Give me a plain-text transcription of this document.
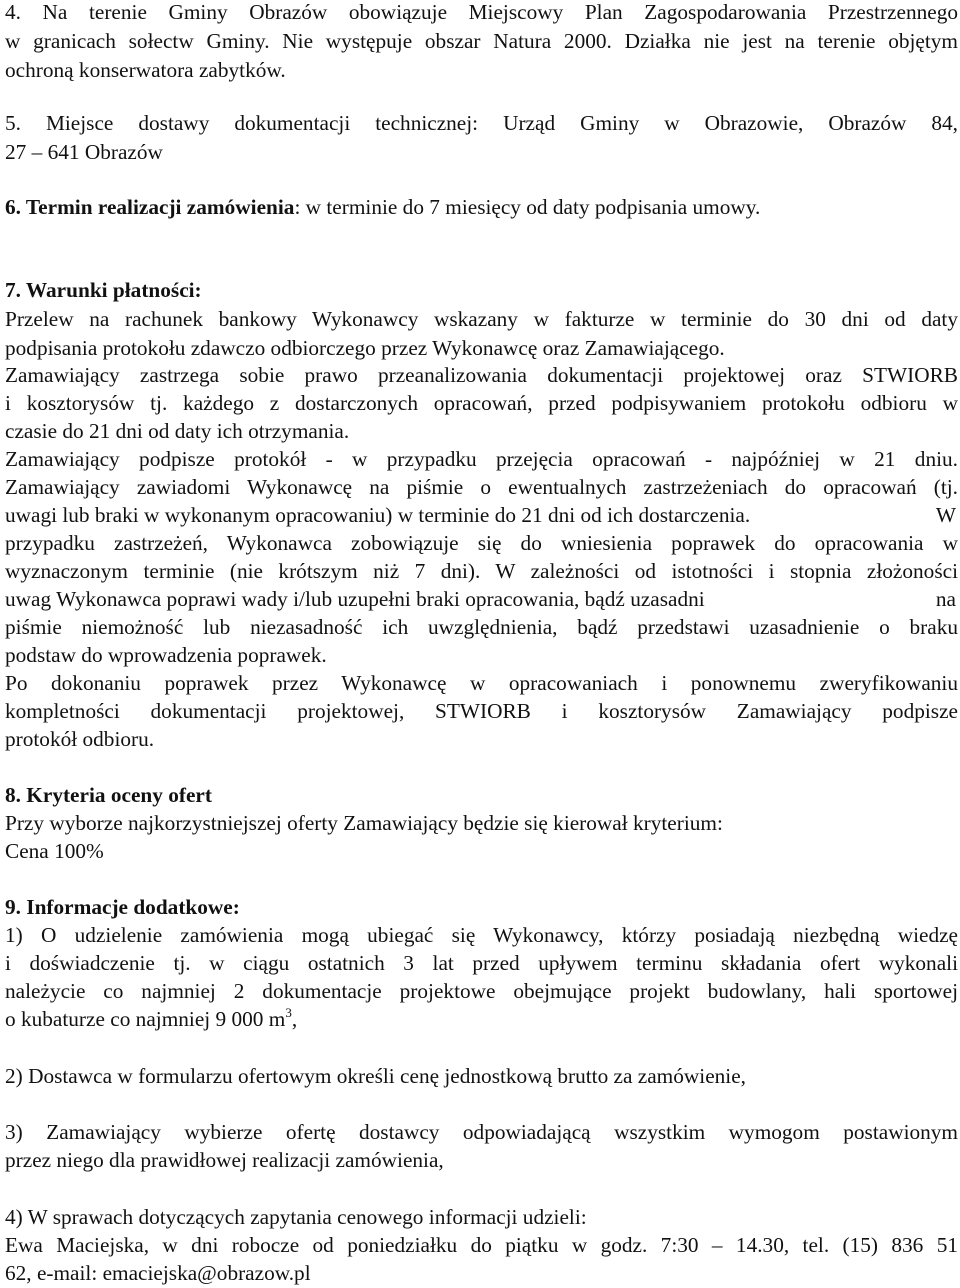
4. Na terenie Gminy Obrazów obowiązuje Miejscowy Plan Zagospodarowania Przestrzennego
w granicach sołectw Gminy. Nie występuje obszar Natura 2000. Działka nie jest na terenie objętym
ochroną konserwatora zabytków.
5. Miejsce dostawy dokumentacji technicznej: Urząd Gminy w Obrazowie, Obrazów 84,
27 – 641 Obrazów
6. Termin realizacji zamówienia: w terminie do 7 miesięcy od daty podpisania umowy.
7. Warunki płatności:
Przelew na rachunek bankowy Wykonawcy wskazany w fakturze w terminie do 30 dni od daty
podpisania protokołu zdawczo odbiorczego przez Wykonawcę oraz Zamawiającego.
Zamawiający zastrzega sobie prawo przeanalizowania dokumentacji projektowej oraz STWIORB
i kosztorysów tj. każdego z dostarczonych opracowań, przed podpisywaniem protokołu odbioru w
czasie do 21 dni od daty ich otrzymania.
Zamawiający podpisze protokół - w przypadku przejęcia opracowań - najpóźniej w 21 dniu.
Zamawiający zawiadomi Wykonawcę na piśmie o ewentualnych zastrzeżeniach do opracowań (tj.
uwagi lub braki w wykonanym opracowaniu) w terminie do 21 dni od ich dostarczenia.	W
przypadku zastrzeżeń, Wykonawca zobowiązuje się do wniesienia poprawek do opracowania w
wyznaczonym terminie (nie krótszym niż 7 dni). W zależności od istotności i stopnia złożoności
uwag Wykonawca poprawi wady i/lub uzupełni braki opracowania, bądź uzasadni	na
piśmie niemożność lub niezasadność ich uwzględnienia, bądź przedstawi uzasadnienie o braku
podstaw do wprowadzenia poprawek.
Po dokonaniu poprawek przez Wykonawcę w opracowaniach i ponownemu zweryfikowaniu
kompletności dokumentacji projektowej, STWIORB i kosztorysów Zamawiający podpisze
protokół odbioru.
8. Kryteria oceny ofert
Przy wyborze najkorzystniejszej oferty Zamawiający będzie się kierował kryterium:
Cena 100%
9. Informacje dodatkowe:
1) O udzielenie zamówienia mogą ubiegać się Wykonawcy, którzy posiadają niezbędną wiedzę
i doświadczenie tj. w ciągu ostatnich 3 lat przed upływem terminu składania ofert wykonali
należycie co najmniej 2 dokumentacje projektowe obejmujące projekt budowlany, hali sportowej
o kubaturze co najmniej 9 000 $m^3$,
2) Dostawca w formularzu ofertowym określi cenę jednostkową brutto za zamówienie,
3) Zamawiający wybierze ofertę dostawcy odpowiadającą wszystkim wymogom postawionym
przez niego dla prawidłowej realizacji zamówienia,
4) W sprawach dotyczących zapytania cenowego informacji udzieli:
Ewa Maciejska, w dni robocze od poniedziałku do piątku w godz. 7:30 – 14.30, tel. (15) 836 51
62, e-mail: emaciejska@obrazow.pl
